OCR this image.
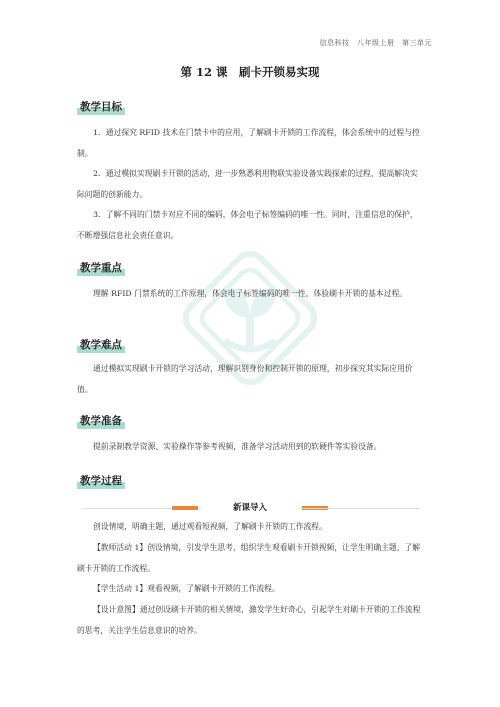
信息科技　八年级上册　第三单元
第 12 课　刷卡开锁易实现
教学目标
1．通过探究 RFID 技术在门禁卡中的应用，了解刷卡开锁的工作流程，体会系统中的过程与控制。
2．通过模拟实现刷卡开锁的活动，进一步熟悉利用物联实验设备实践探索的过程，提高解决实际问题的创新能力。
3．了解不同的门禁卡对应不同的编码，体会电子标签编码的唯一性。同时，注重信息的保护，不断增强信息社会责任意识。
教学重点
理解 RFID 门禁系统的工作原理，体会电子标签编码的唯一性，体验刷卡开锁的基本过程。
教学难点
通过模拟实现刷卡开锁的学习活动，理解识别身份和控制开锁的原理，初步探究其实际应用价值。
教学准备
提前录制教学资源、实验操作等参考视频，准备学习活动用到的软硬件等实验设备。
教学过程
新课导入
创设情境，明确主题，通过观看短视频，了解刷卡开锁的工作流程。
【教师活动 1】创设情境，引发学生思考，组织学生观看刷卡开锁视频，让学生明确主题，了解刷卡开锁的工作流程。
【学生活动 1】观看视频，了解刷卡开锁的工作流程。
【设计意图】通过创设刷卡开锁的相关情境，激发学生好奇心，引起学生对刷卡开锁的工作流程的思考，关注学生信息意识的培养。
